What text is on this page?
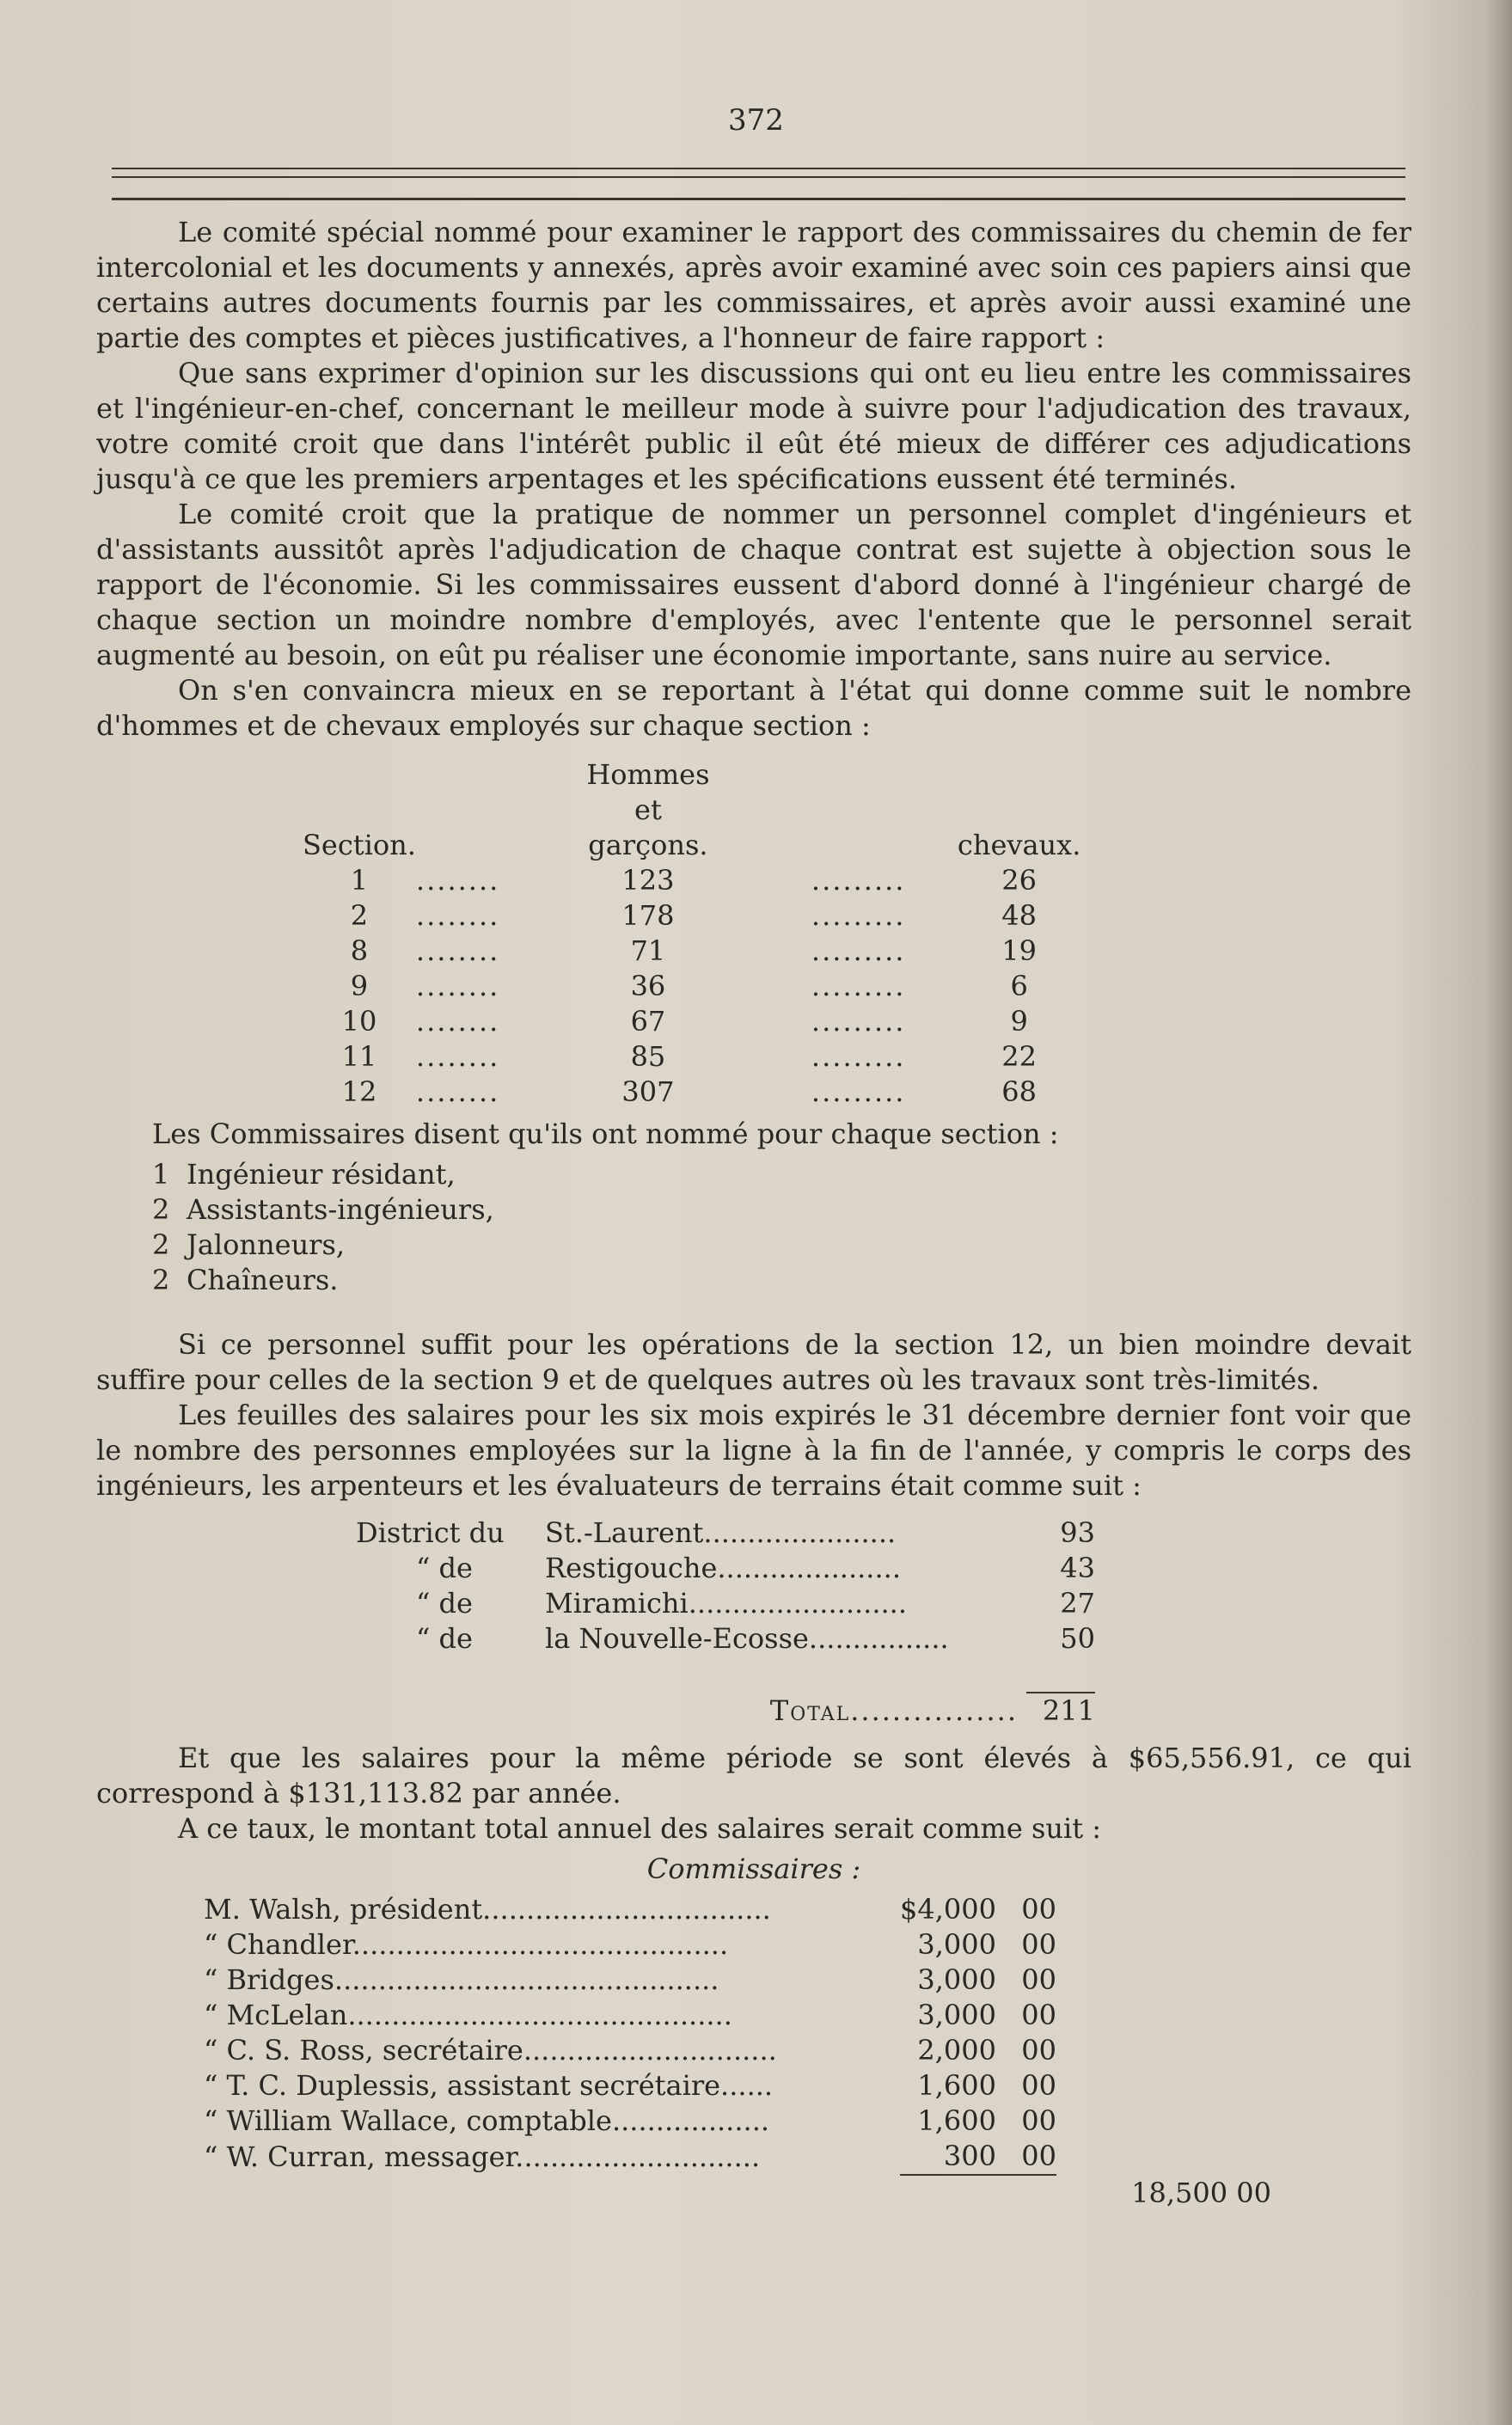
372

Le comité spécial nommé pour examiner le rapport des commissaires du chemin de fer intercolonial et les documents y annexés, après avoir examiné avec soin ces papiers ainsi que certains autres documents fournis par les commissaires, et après avoir aussi examiné une partie des comptes et pièces justificatives, a l'honneur de faire rapport :

Que sans exprimer d'opinion sur les discussions qui ont eu lieu entre les commissaires et l'ingénieur-en-chef, concernant le meilleur mode à suivre pour l'adjudication des travaux, votre comité croit que dans l'intérêt public il eût été mieux de différer ces adjudications jusqu'à ce que les premiers arpentages et les spécifications eussent été terminés.

Le comité croit que la pratique de nommer un personnel complet d'ingénieurs et d'assistants aussitôt après l'adjudication de chaque contrat est sujette à objection sous le rapport de l'économie. Si les commissaires eussent d'abord donné à l'ingénieur chargé de chaque section un moindre nombre d'employés, avec l'entente que le personnel serait augmenté au besoin, on eût pu réaliser une économie importante, sans nuire au service.

On s'en convaincra mieux en se reportant à l'état qui donne comme suit le nombre d'hommes et de chevaux employés sur chaque section :

Section.		Hommes et garçons.			chevaux.
1	........	123		.........	26
2	........	178		.........	48
8	........	71		.........	19
9	........	36		.........	6
10	........	67		.........	9
11	........	85		.........	22
12	........	307		.........	68

Les Commissaires disent qu'ils ont nommé pour chaque section :

1 Ingénieur résidant,
2 Assistants-ingénieurs,
2 Jalonneurs,
2 Chaîneurs.

Si ce personnel suffit pour les opérations de la section 12, un bien moindre devait suffire pour celles de la section 9 et de quelques autres où les travaux sont très-limités.

Les feuilles des salaires pour les six mois expirés le 31 décembre dernier font voir que le nombre des personnes employées sur la ligne à la fin de l'année, y compris le corps des ingénieurs, les arpenteurs et les évaluateurs de terrains était comme suit :

District du	St.-Laurent......................	93
“ de	Restigouche.....................	43
“ de	Miramichi.........................	27
“ de	la Nouvelle-Ecosse................	50

	Total................	211

Et que les salaires pour la même période se sont élevés à $65,556.91, ce qui correspond à $131,113.82 par année.

A ce taux, le montant total annuel des salaires serait comme suit :

Commissaires :
M. Walsh, président.................................	$4,000	00	
“ Chandler...........................................	3,000	00	
“ Bridges............................................	3,000	00	
“ McLelan............................................	3,000	00	
“ C. S. Ross, secrétaire.............................	2,000	00	
“ T. C. Duplessis, assistant secrétaire......	1,600	00	
“ William Wallace, comptable..................	1,600	00	
“ W. Curran, messager............................	300	00	
			18,500 00
